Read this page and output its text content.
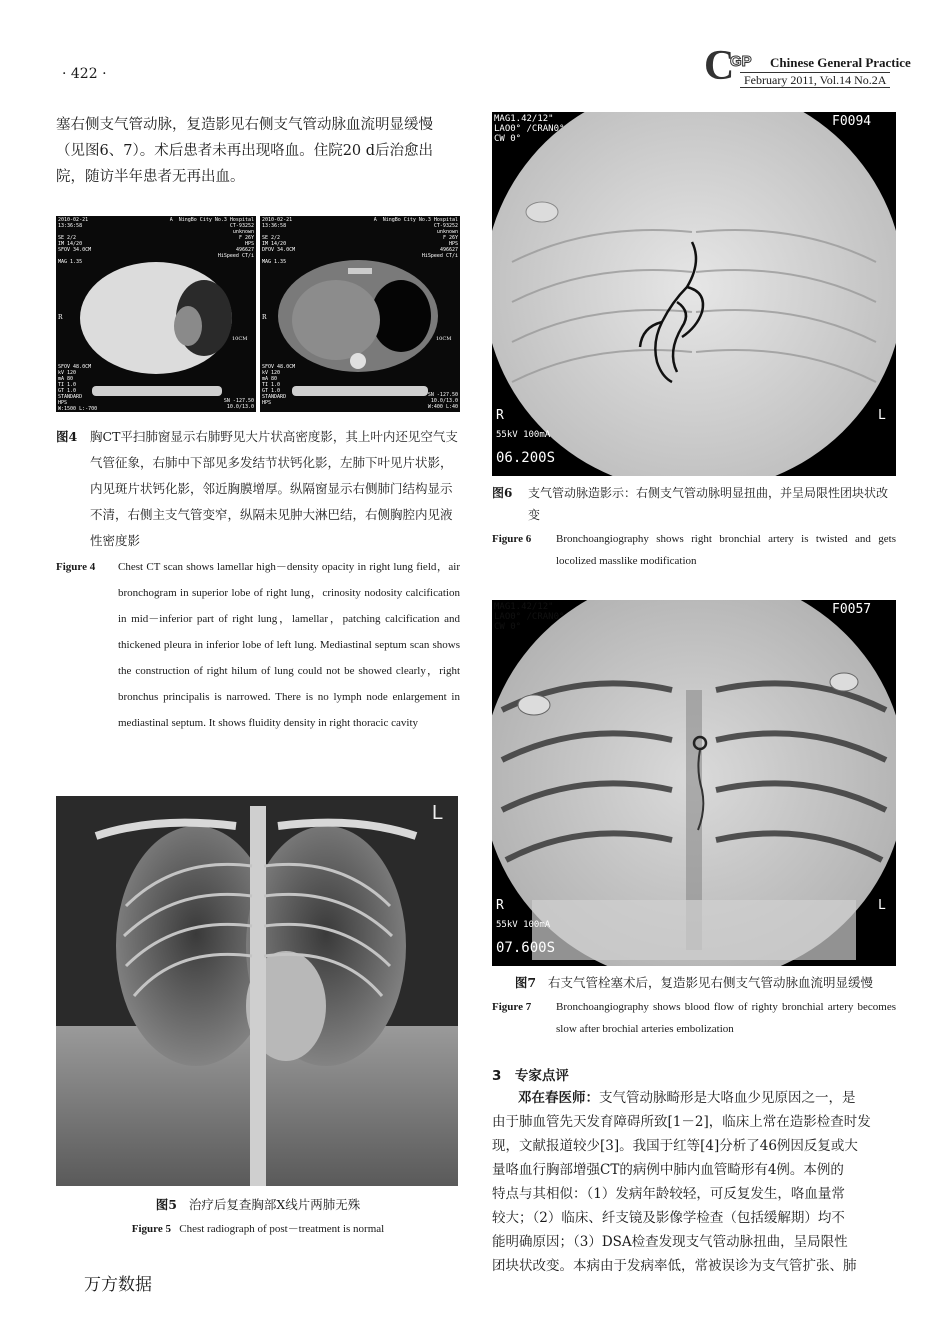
· 422 ·	C
GP Chinese General Practice
February 2011, Vol.14 No.2A
塞右侧支气管动脉，复造影见右侧支气管动脉血流明显缓慢
（见图6、7）。术后患者未再出现咯血。住院20 d后治愈出
院，随访半年患者无再出血。
2010-02-21
13:36:58

SE 2/2
IM 14/20
SFOV 34.0CM

MAG 1.35
A  NingBo City No.3 Hospital
CT-93252
unknown
F 26Y
HPS
496627
HiSpeed CT/i
SFOV 48.0CM
kV 120
mA 80
TI 1.0
GT 1.0
STANDARD
HPS
W:1500 L:-700
SN -127.50
10.0/13.0
R
10CM
2010-02-21
13:36:58

SE 2/2
IM 14/20
DFOV 34.0CM

MAG 1.35
A  NingBo City No.3 Hospital
CT-93252
unknown
F 26Y
HPS
496627
HiSpeed CT/i
SFOV 48.0CM
kV 120
mA 80
TI 1.0
GT 1.0
STANDARD
HPS
SN -127.50
10.0/13.0
W:400 L:40
R
10CM
图4 胸CT平扫肺窗显示右肺野见大片状高密度影，其上叶内还见空气支气管征象，右肺中下部见多发结节状钙化影，左肺下叶见片状影，内见斑片状钙化影，邻近胸膜增厚。纵隔窗显示右侧肺门结构显示不清，右侧主支气管变窄，纵隔未见肿大淋巴结，右侧胸腔内见液性密度影
Figure 4 Chest CT scan shows lamellar high－density opacity in right lung field，air bronchogram in superior lobe of right lung，crinosity nodosity calcification in mid－inferior part of right lung，lamellar，patching calcification and thickened pleura in inferior lobe of left lung. Mediastinal septum scan shows the construction of right hilum of lung could not be showed clearly，right bronchus principalis is narrowed. There is no lymph node enlargement in mediastinal septum. It shows fluidity density in right thoracic cavity
L
图5 治疗后复查胸部X线片两肺无殊
Figure 5 Chest radiograph of post－treatment is normal
MAG1.42/12"
LAO0° /CRAN0°
CW 0°
F0094
R	L
55kV 100mA
06.200S
图6 支气管动脉造影示：右侧支气管动脉明显扭曲，并呈局限性团块状改变
Figure 6 Bronchoangiography shows right bronchial artery is twisted and gets locolized masslike modification
MAG1.42/12"
LAO0° /CRAN0°
CW 0°
F0057
R	L
55kV 100mA
07.600S
图7 右支气管栓塞术后，复造影见右侧支气管动脉血流明显缓慢
Figure 7 Bronchoangiography shows blood flow of righty bronchial artery becomes slow after brochial arteries embolization
3　专家点评
邓在春医师：支气管动脉畸形是大咯血少见原因之一，是
由于肺血管先天发育障碍所致[1－2]，临床上常在造影检查时发
现，文献报道较少[3]。我国于红等[4]分析了46例因反复或大
量咯血行胸部增强CT的病例中肺内血管畸形有4例。本例的
特点与其相似：（1）发病年龄较轻，可反复发生，咯血量常
较大；（2）临床、纤支镜及影像学检查（包括缓解期）均不
能明确原因；（3）DSA检查发现支气管动脉扭曲，呈局限性
团块状改变。本病由于发病率低，常被误诊为支气管扩张、肺
万方数据
